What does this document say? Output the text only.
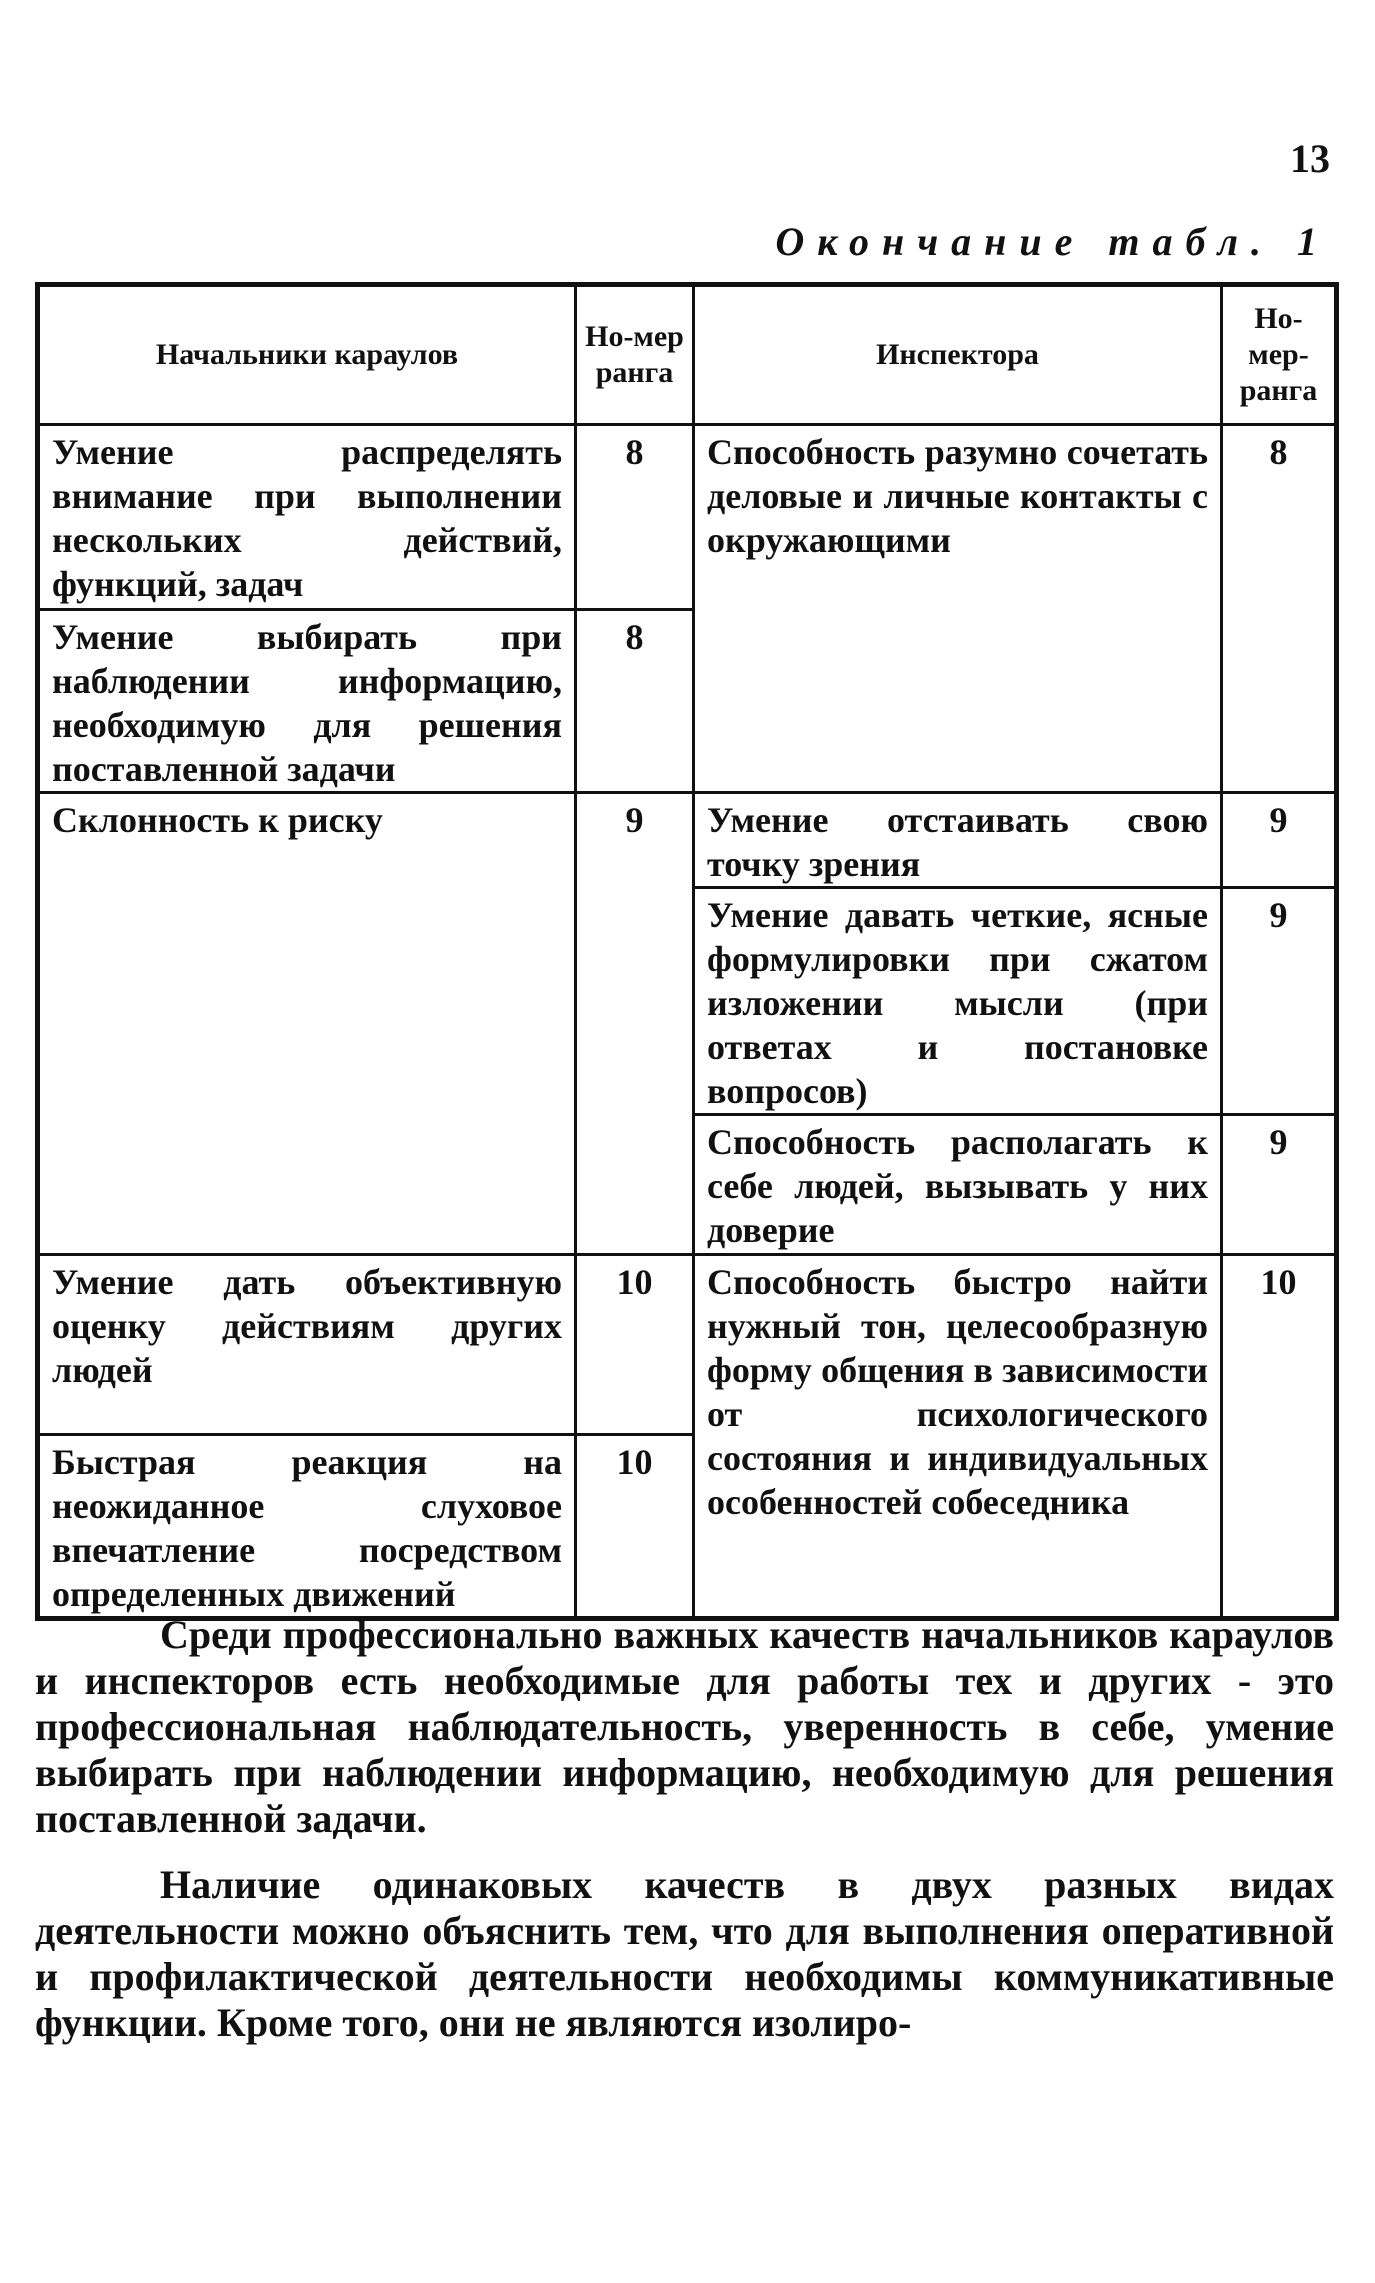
13
Окончание табл. 1
Начальники караулов	Но-мер ранга	Инспектора	Но-мер-ранга
Умение распределять внимание при выполнении нескольких действий, функций, задач	8	Способность разумно сочетать деловые и личные контакты с окружающими	8
Умение выбирать при наблюдении информацию, необходимую для решения поставленной задачи	8		
Склонность к риску	9	Умение отстаивать свою точку зрения	9
		Умение давать четкие, ясные формулировки при сжатом изложении мысли (при ответах и постановке вопросов)	9
		Способность располагать к себе людей, вызывать у них доверие	9
Умение дать объективную оценку действиям других людей	10	Способность быстро найти нужный тон, целесообразную форму общения в зависимости от психологического состояния и индивидуальных особенностей собеседника	10
Быстрая реакция на неожиданное слуховое впечатление посредством определенных движений	10		

Среди профессионально важных качеств начальников караулов и инспекторов есть необходимые для работы тех и других - это профессиональная наблюдательность, уверенность в себе, умение выбирать при наблюдении информацию, необходимую для решения поставленной задачи.

Наличие одинаковых качеств в двух разных видах деятельности можно объяснить тем, что для выполнения оперативной и профилактической деятельности необходимы коммуникативные функции. Кроме того, они не являются изолиро-
